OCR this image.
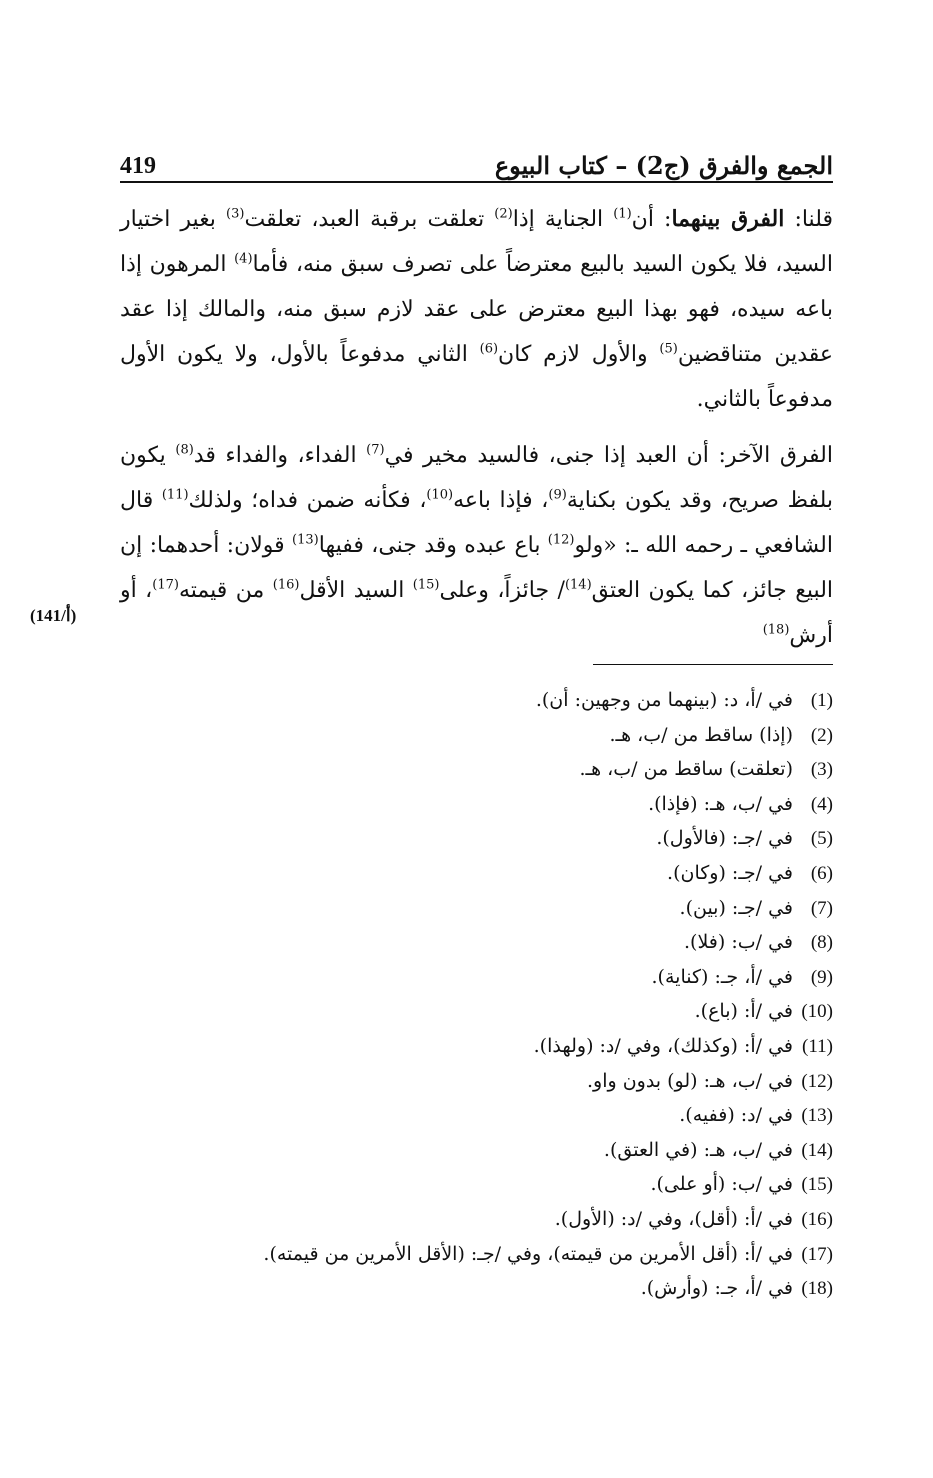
الجمع والفرق (ج2) – كتاب البيوع
419

قلنا: الفرق بينهما: أن$^{(1)}$ الجناية إذا$^{(2)}$ تعلقت برقبة العبد، تعلقت$^{(3)}$ بغير اختيار السيد، فلا يكون السيد بالبيع معترضاً على تصرف سبق منه، فأما$^{(4)}$ المرهون إذا باعه سيده، فهو بهذا البيع معترض على عقد لازم سبق منه، والمالك إذا عقد عقدين متناقضين$^{(5)}$ والأول لازم كان$^{(6)}$ الثاني مدفوعاً بالأول، ولا يكون الأول مدفوعاً بالثاني.

الفرق الآخر: أن العبد إذا جنى، فالسيد مخير في$^{(7)}$ الفداء، والفداء قد$^{(8)}$ يكون بلفظ صريح، وقد يكون بكناية$^{(9)}$، فإذا باعه$^{(10)}$، فكأنه ضمن فداه؛ ولذلك$^{(11)}$ قال الشافعي ـ رحمه الله ـ: «ولو$^{(12)}$ باع عبده وقد جنى، ففيها$^{(13)}$ قولان: أحدهما: إن البيع جائز، كما يكون العتق$^{(14)}$/ جائزاً، وعلى$^{(15)}$ السيد الأقل$^{(16)}$ من قيمته$^{(17)}$، أو أرش$^{(18)}$

(141/أ)
(1)في /أ، د: (بينهما من وجهين: أن).
(2)(إذا) ساقط من /ب، هـ.
(3)(تعلقت) ساقط من /ب، هـ.
(4)في /ب، هـ: (فإذا).
(5)في /جـ: (فالأول).
(6)في /جـ: (وكان).
(7)في /جـ: (بين).
(8)في /ب: (فلا).
(9)في /أ، جـ: (كناية).
(10)في /أ: (باع).
(11)في /أ: (وكذلك)، وفي /د: (ولهذا).
(12)في /ب، هـ: (لو) بدون واو.
(13)في /د: (ففيه).
(14)في /ب، هـ: (في العتق).
(15)في /ب: (أو على).
(16)في /أ: (أقل)، وفي /د: (الأول).
(17)في /أ: (أقل الأمرين من قيمته)، وفي /جـ: (الأقل الأمرين من قيمته).
(18)في /أ، جـ: (وأرش).
